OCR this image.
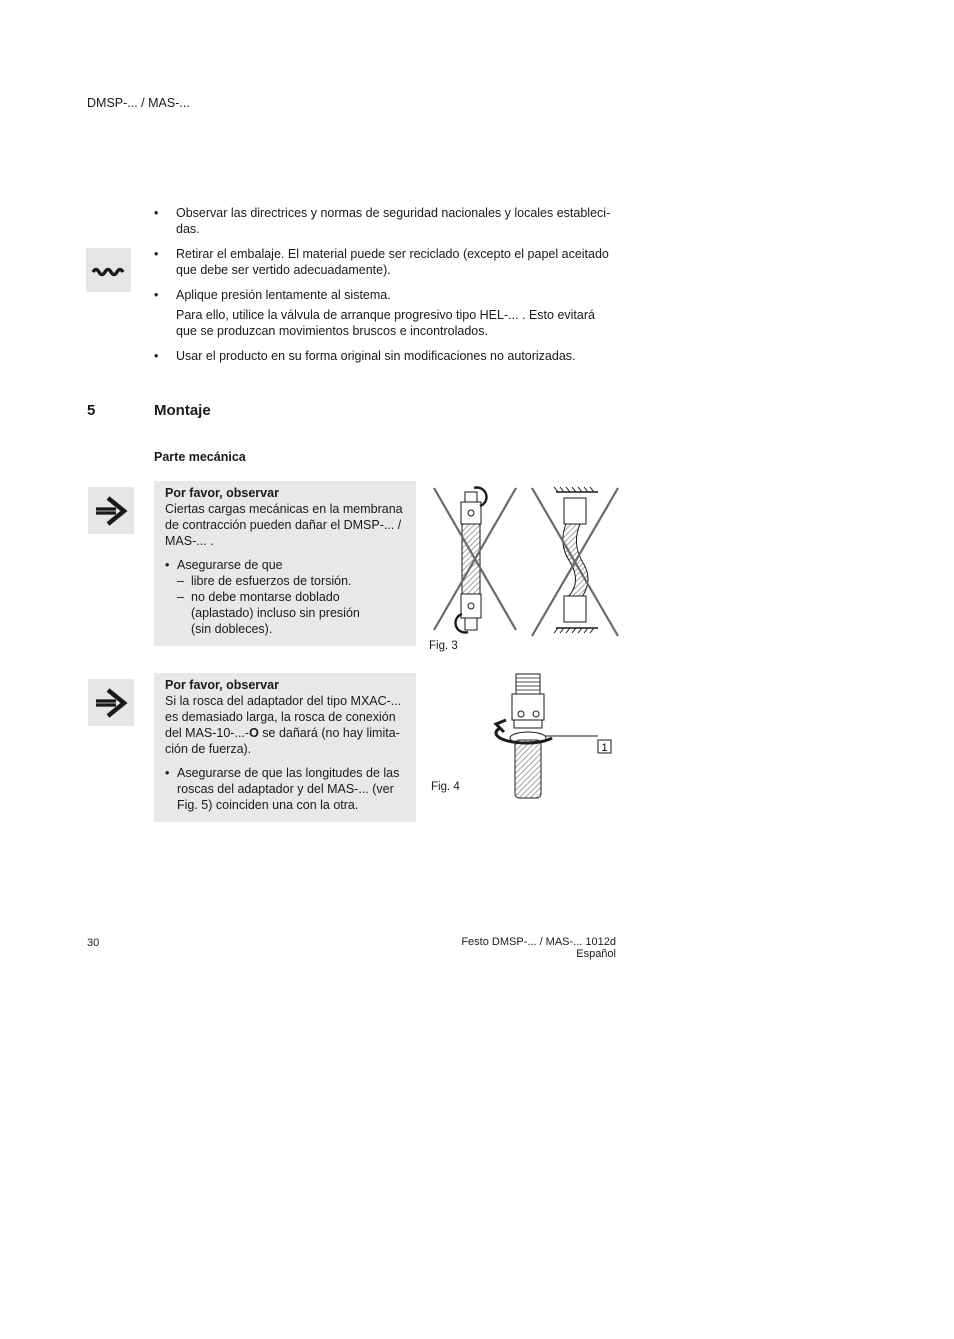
DMSP-... / MAS-...
• Observar las directrices y normas de seguridad nacionales y locales estableci-
das.

• Retirar el embalaje. El material puede ser reciclado (excepto el papel aceitado
que debe ser vertido adecuadamente).

• Aplique presión lentamente al sistema.

Para ello, utilice la válvula de arranque progresivo tipo HEL-... . Esto evitará
que se produzcan movimientos bruscos e incontrolados.

• Usar el producto en su forma original sin modificaciones no autorizadas.

5	Montaje
Parte mecánica

Por favor, observar

Ciertas cargas mecánicas en la membrana
de contracción pueden dañar el DMSP-... /
MAS-... .

• Asegurarse de que
– libre de esfuerzos de torsión.
– no debe montarse doblado
(aplastado) incluso sin presión
(sin dobleces).
Fig. 3

Por favor, observar

Si la rosca del adaptador del tipo MXAC-...
es demasiado larga, la rosca de conexión
del MAS-10-...-O se dañará (no hay limita-
ción de fuerza).

• Asegurarse de que las longitudes de las
roscas del adaptador y del MAS-... (ver
Fig. 5) coinciden una con la otra.
1
Fig. 4
30	Festo DMSP-... / MAS-... 1012d Español
